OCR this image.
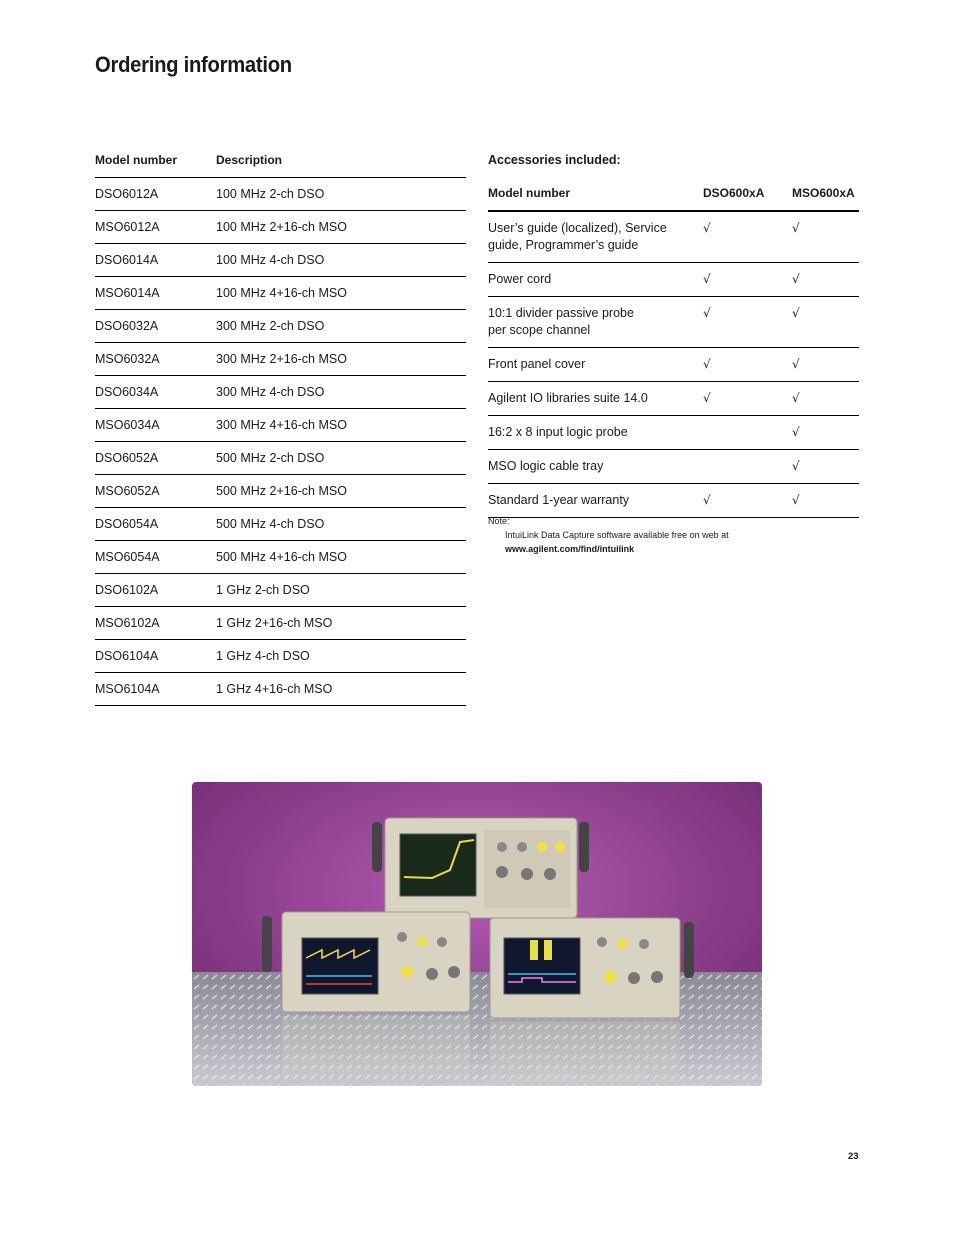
Ordering information
Model number	Description
DSO6012A	100 MHz 2-ch DSO
MSO6012A	100 MHz 2+16-ch MSO
DSO6014A	100 MHz 4-ch DSO
MSO6014A	100 MHz 4+16-ch MSO
DSO6032A	300 MHz 2-ch DSO
MSO6032A	300 MHz 2+16-ch MSO
DSO6034A	300 MHz 4-ch DSO
MSO6034A	300 MHz 4+16-ch MSO
DSO6052A	500 MHz 2-ch DSO
MSO6052A	500 MHz 2+16-ch MSO
DSO6054A	500 MHz 4-ch DSO
MSO6054A	500 MHz 4+16-ch MSO
DSO6102A	1 GHz 2-ch DSO
MSO6102A	1 GHz 2+16-ch MSO
DSO6104A	1 GHz 4-ch DSO
MSO6104A	1 GHz 4+16-ch MSO
Accessories included:
Model number	DSO600xA	MSO600xA

User’s guide (localized), Service
guide, Programmer’s guide	√	√

Power cord	√	√

10:1 divider passive probe
per scope channel	√	√

Front panel cover	√	√

Agilent IO libraries suite 14.0	√	√

16:2 x 8 input logic probe		√

MSO logic cable tray		√

Standard 1-year warranty	√	√
Note:
IntuiLink Data Capture software available free on web at
www.agilent.com/find/intuilink
23
